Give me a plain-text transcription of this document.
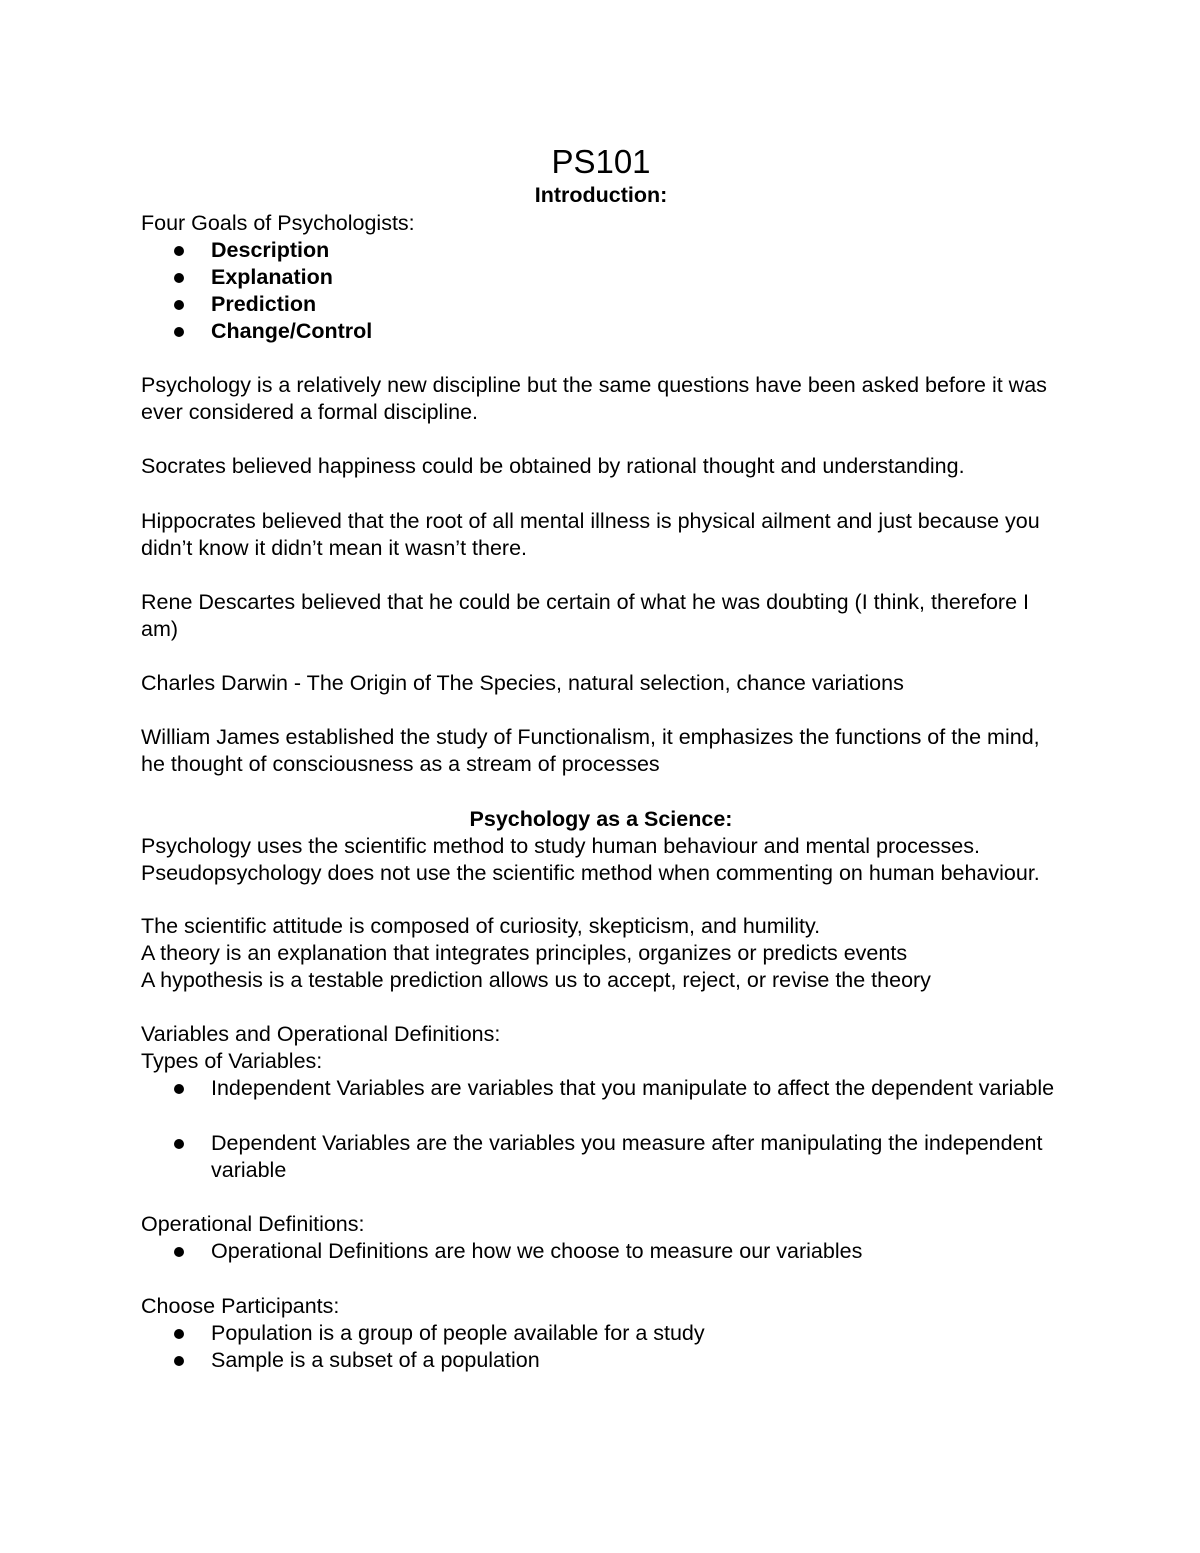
PS101
Introduction:
Four Goals of Psychologists:
Description
Explanation
Prediction
Change/Control
Psychology is a relatively new discipline but the same questions have been asked before it was ever considered a formal discipline.
Socrates believed happiness could be obtained by rational thought and understanding.
Hippocrates believed that the root of all mental illness is physical ailment and just because you didn’t know it didn’t mean it wasn’t there.
Rene Descartes believed that he could be certain of what he was doubting (I think, therefore I am)
Charles Darwin - The Origin of The Species, natural selection, chance variations
William James established the study of Functionalism, it emphasizes the functions of the mind, he thought of consciousness as a stream of processes
Psychology as a Science:
Psychology uses the scientific method to study human behaviour and mental processes. Pseudopsychology does not use the scientific method when commenting on human behaviour.
The scientific attitude is composed of curiosity, skepticism, and humility.
A theory is an explanation that integrates principles, organizes or predicts events
A hypothesis is a testable prediction allows us to accept, reject, or revise the theory
Variables and Operational Definitions:
Types of Variables:
Independent Variables are variables that you manipulate to affect the dependent variable
Dependent Variables are the variables you measure after manipulating the independent variable
Operational Definitions:
Operational Definitions are how we choose to measure our variables
Choose Participants:
Population is a group of people available for a study
Sample is a subset of a population
